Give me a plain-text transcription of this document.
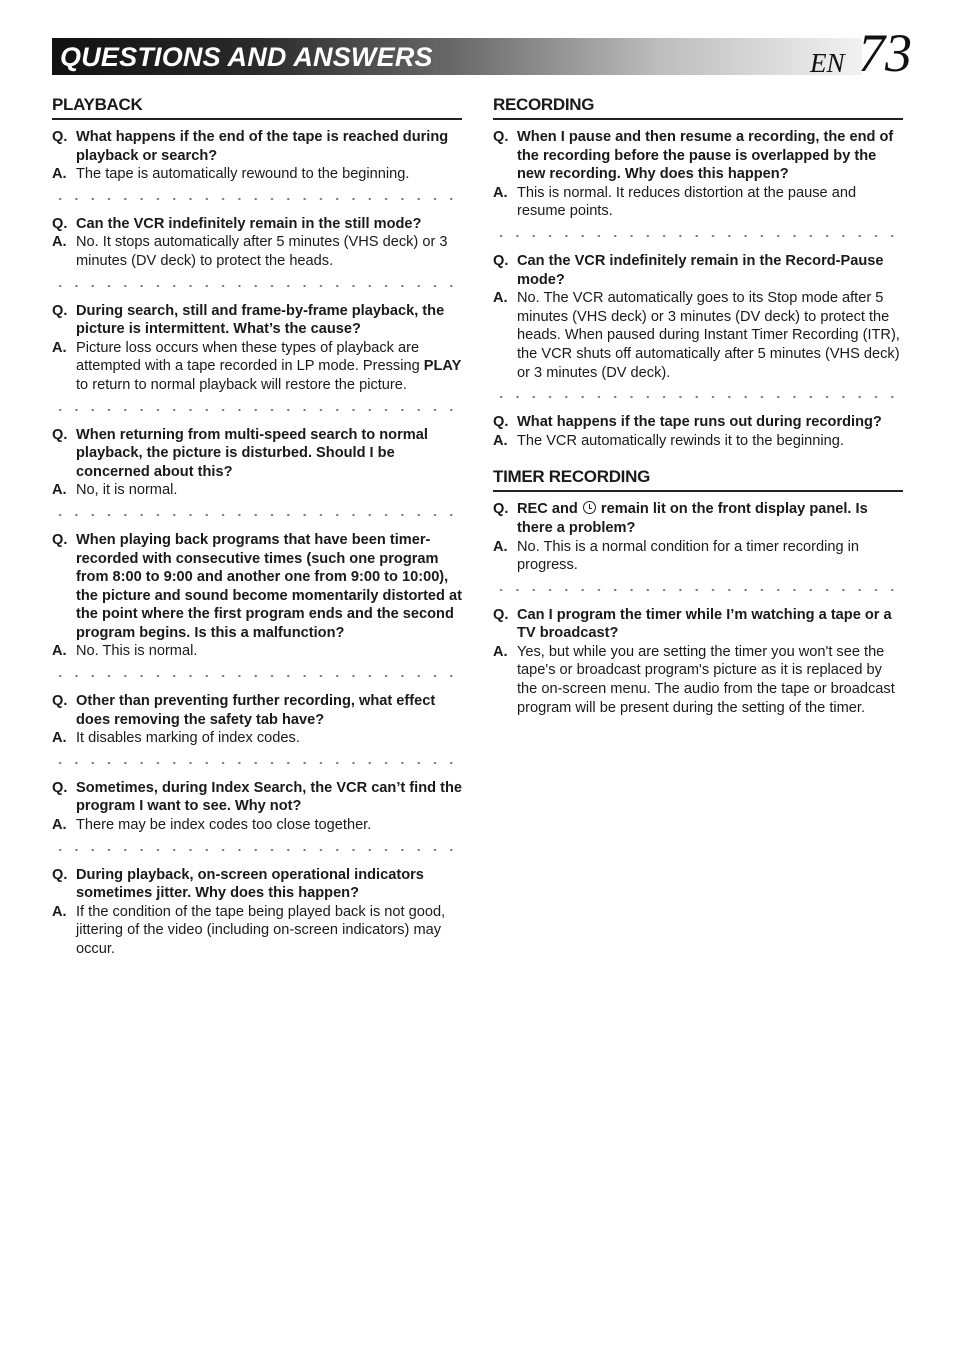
QUESTIONS AND ANSWERS	EN 73
PLAYBACK

Q. What happens if the end of the tape is reached during playback or search?

A. The tape is automatically rewound to the beginning.

Q. Can the VCR indefinitely remain in the still mode?

A. No. It stops automatically after 5 minutes (VHS deck) or 3 minutes (DV deck) to protect the heads.

Q. During search, still and frame-by-frame playback, the picture is intermittent. What’s the cause?

A. Picture loss occurs when these types of playback are attempted with a tape recorded in LP mode. Pressing PLAY to return to normal playback will restore the picture.

Q. When returning from multi-speed search to normal playback, the picture is disturbed. Should I be concerned about this?

A. No, it is normal.

Q. When playing back programs that have been timer-recorded with consecutive times (such one program from 8:00 to 9:00 and another one from 9:00 to 10:00), the picture and sound become momentarily distorted at the point where the first program ends and the second program begins. Is this a malfunction?

A. No. This is normal.

Q. Other than preventing further recording, what effect does removing the safety tab have?

A. It disables marking of index codes.

Q. Sometimes, during Index Search, the VCR can’t find the program I want to see. Why not?

A. There may be index codes too close together.

Q. During playback, on-screen operational indicators sometimes jitter. Why does this happen?

A. If the condition of the tape being played back is not good, jittering of the video (including on-screen indicators) may occur.

RECORDING

Q. When I pause and then resume a recording, the end of the recording before the pause is overlapped by the new recording. Why does this happen?

A. This is normal. It reduces distortion at the pause and resume points.

Q. Can the VCR indefinitely remain in the Record-Pause mode?

A. No. The VCR automatically goes to its Stop mode after 5 minutes (VHS deck) or 3 minutes (DV deck) to protect the heads. When paused during Instant Timer Recording (ITR), the VCR shuts off automatically after 5 minutes (VHS deck) or 3 minutes (DV deck).

Q. What happens if the tape runs out during recording?

A. The VCR automatically rewinds it to the beginning.

TIMER RECORDING

Q. REC and  remain lit on the front display panel. Is there a problem?

A. No. This is a normal condition for a timer recording in progress.

Q. Can I program the timer while I’m watching a tape or a TV broadcast?

A. Yes, but while you are setting the timer you won't see the tape's or broadcast program's picture as it is replaced by the on-screen menu. The audio from the tape or broadcast program will be present during the setting of the timer.
